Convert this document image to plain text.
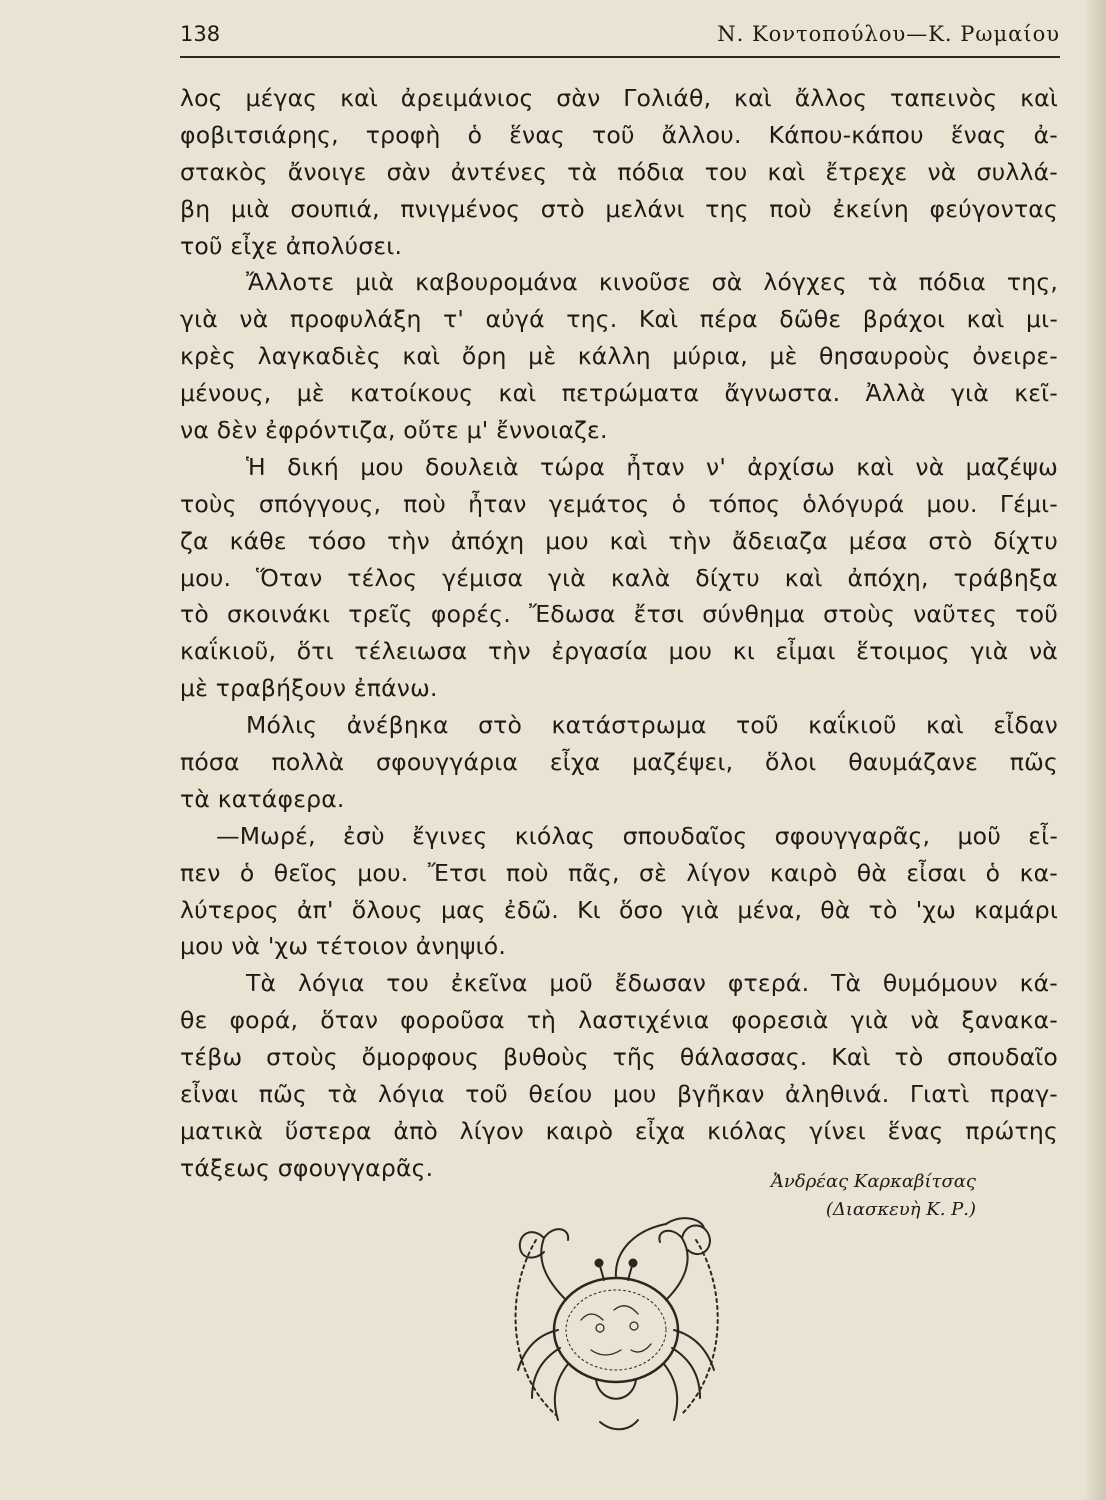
138	Ν. Κοντοπούλου—Κ. Ρωμαίου
λος μέγας καὶ ἀρειμάνιος σὰν Γολιάθ, καὶ ἄλλος ταπεινὸς καὶ
φοβιτσιάρης, τροφὴ ὁ ἕνας τοῦ ἄλλου. Κάπου-κάπου ἕνας ἀ-
στακὸς ἄνοιγε σὰν ἀντένες τὰ πόδια του καὶ ἔτρεχε νὰ συλλά-
βη μιὰ σουπιά, πνιγμένος στὸ μελάνι της ποὺ ἐκείνη φεύγοντας
τοῦ εἶχε ἀπολύσει.
Ἄλλοτε μιὰ καβουρομάνα κινοῦσε σὰ λόγχες τὰ πόδια της,
γιὰ νὰ προφυλάξη τ' αὐγά της. Καὶ πέρα δῶθε βράχοι καὶ μι-
κρὲς λαγκαδιὲς καὶ ὄρη μὲ κάλλη μύρια, μὲ θησαυροὺς ὀνειρε-
μένους, μὲ κατοίκους καὶ πετρώματα ἄγνωστα. Ἀλλὰ γιὰ κεῖ-
να δὲν ἐφρόντιζα, οὔτε μ' ἔννοιαζε.
Ἡ δική μου δουλειὰ τώρα ἦταν ν' ἀρχίσω καὶ νὰ μαζέψω
τοὺς σπόγγους, ποὺ ἦταν γεμάτος ὁ τόπος ὁλόγυρά μου. Γέμι-
ζα κάθε τόσο τὴν ἀπόχη μου καὶ τὴν ἄδειαζα μέσα στὸ δίχτυ
μου. Ὅταν τέλος γέμισα γιὰ καλὰ δίχτυ καὶ ἀπόχη, τράβηξα
τὸ σκοινάκι τρεῖς φορές. Ἔδωσα ἔτσι σύνθημα στοὺς ναῦτες τοῦ
καΐκιοῦ, ὅτι τέλειωσα τὴν ἐργασία μου κι εἶμαι ἕτοιμος γιὰ νὰ
μὲ τραβήξουν ἐπάνω.
Μόλις ἀνέβηκα στὸ κατάστρωμα τοῦ καΐκιοῦ καὶ εἶδαν
πόσα πολλὰ σφουγγάρια εἶχα μαζέψει, ὅλοι θαυμάζανε πῶς
τὰ κατάφερα.
—Μωρέ, ἐσὺ ἔγινες κιόλας σπουδαῖος σφουγγαρᾶς, μοῦ εἶ-
πεν ὁ θεῖος μου. Ἔτσι ποὺ πᾶς, σὲ λίγον καιρὸ θὰ εἶσαι ὁ κα-
λύτερος ἀπ' ὅλους μας ἐδῶ. Κι ὅσο γιὰ μένα, θὰ τὸ 'χω καμάρι
μου νὰ 'χω τέτοιον ἀνηψιό.
Τὰ λόγια του ἐκεῖνα μοῦ ἔδωσαν φτερά. Τὰ θυμόμουν κά-
θε φορά, ὅταν φοροῦσα τὴ λαστιχένια φορεσιὰ γιὰ νὰ ξανακα-
τέβω στοὺς ὄμορφους βυθοὺς τῆς θάλασσας. Καὶ τὸ σπουδαῖο
εἶναι πῶς τὰ λόγια τοῦ θείου μου βγῆκαν ἀληθινά. Γιατὶ πραγ-
ματικὰ ὕστερα ἀπὸ λίγον καιρὸ εἶχα κιόλας γίνει ἕνας πρώτης
τάξεως σφουγγαρᾶς.	Ἀνδρέας Καρκαβίτσας
(Διασκευὴ Κ. Ρ.)
